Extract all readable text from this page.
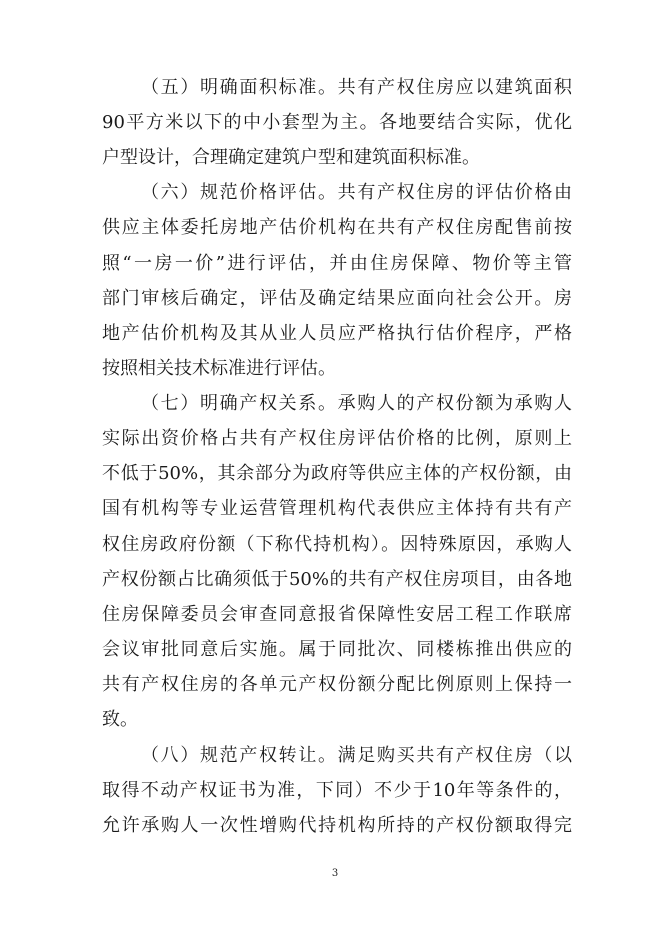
（五）明确面积标准。共有产权住房应以建筑面积
90平方米以下的中小套型为主。各地要结合实际，优化
户型设计，合理确定建筑户型和建筑面积标准。
（六）规范价格评估。共有产权住房的评估价格由
供应主体委托房地产估价机构在共有产权住房配售前按
照“一房一价”进行评估，并由住房保障、物价等主管
部门审核后确定，评估及确定结果应面向社会公开。房
地产估价机构及其从业人员应严格执行估价程序，严格
按照相关技术标准进行评估。
（七）明确产权关系。承购人的产权份额为承购人
实际出资价格占共有产权住房评估价格的比例，原则上
不低于50%，其余部分为政府等供应主体的产权份额，由
国有机构等专业运营管理机构代表供应主体持有共有产
权住房政府份额（下称代持机构）。因特殊原因，承购人
产权份额占比确须低于50%的共有产权住房项目，由各地
住房保障委员会审查同意报省保障性安居工程工作联席
会议审批同意后实施。属于同批次、同楼栋推出供应的
共有产权住房的各单元产权份额分配比例原则上保持一
致。
（八）规范产权转让。满足购买共有产权住房（以
取得不动产权证书为准，下同）不少于10年等条件的，
允许承购人一次性增购代持机构所持的产权份额取得完
3
